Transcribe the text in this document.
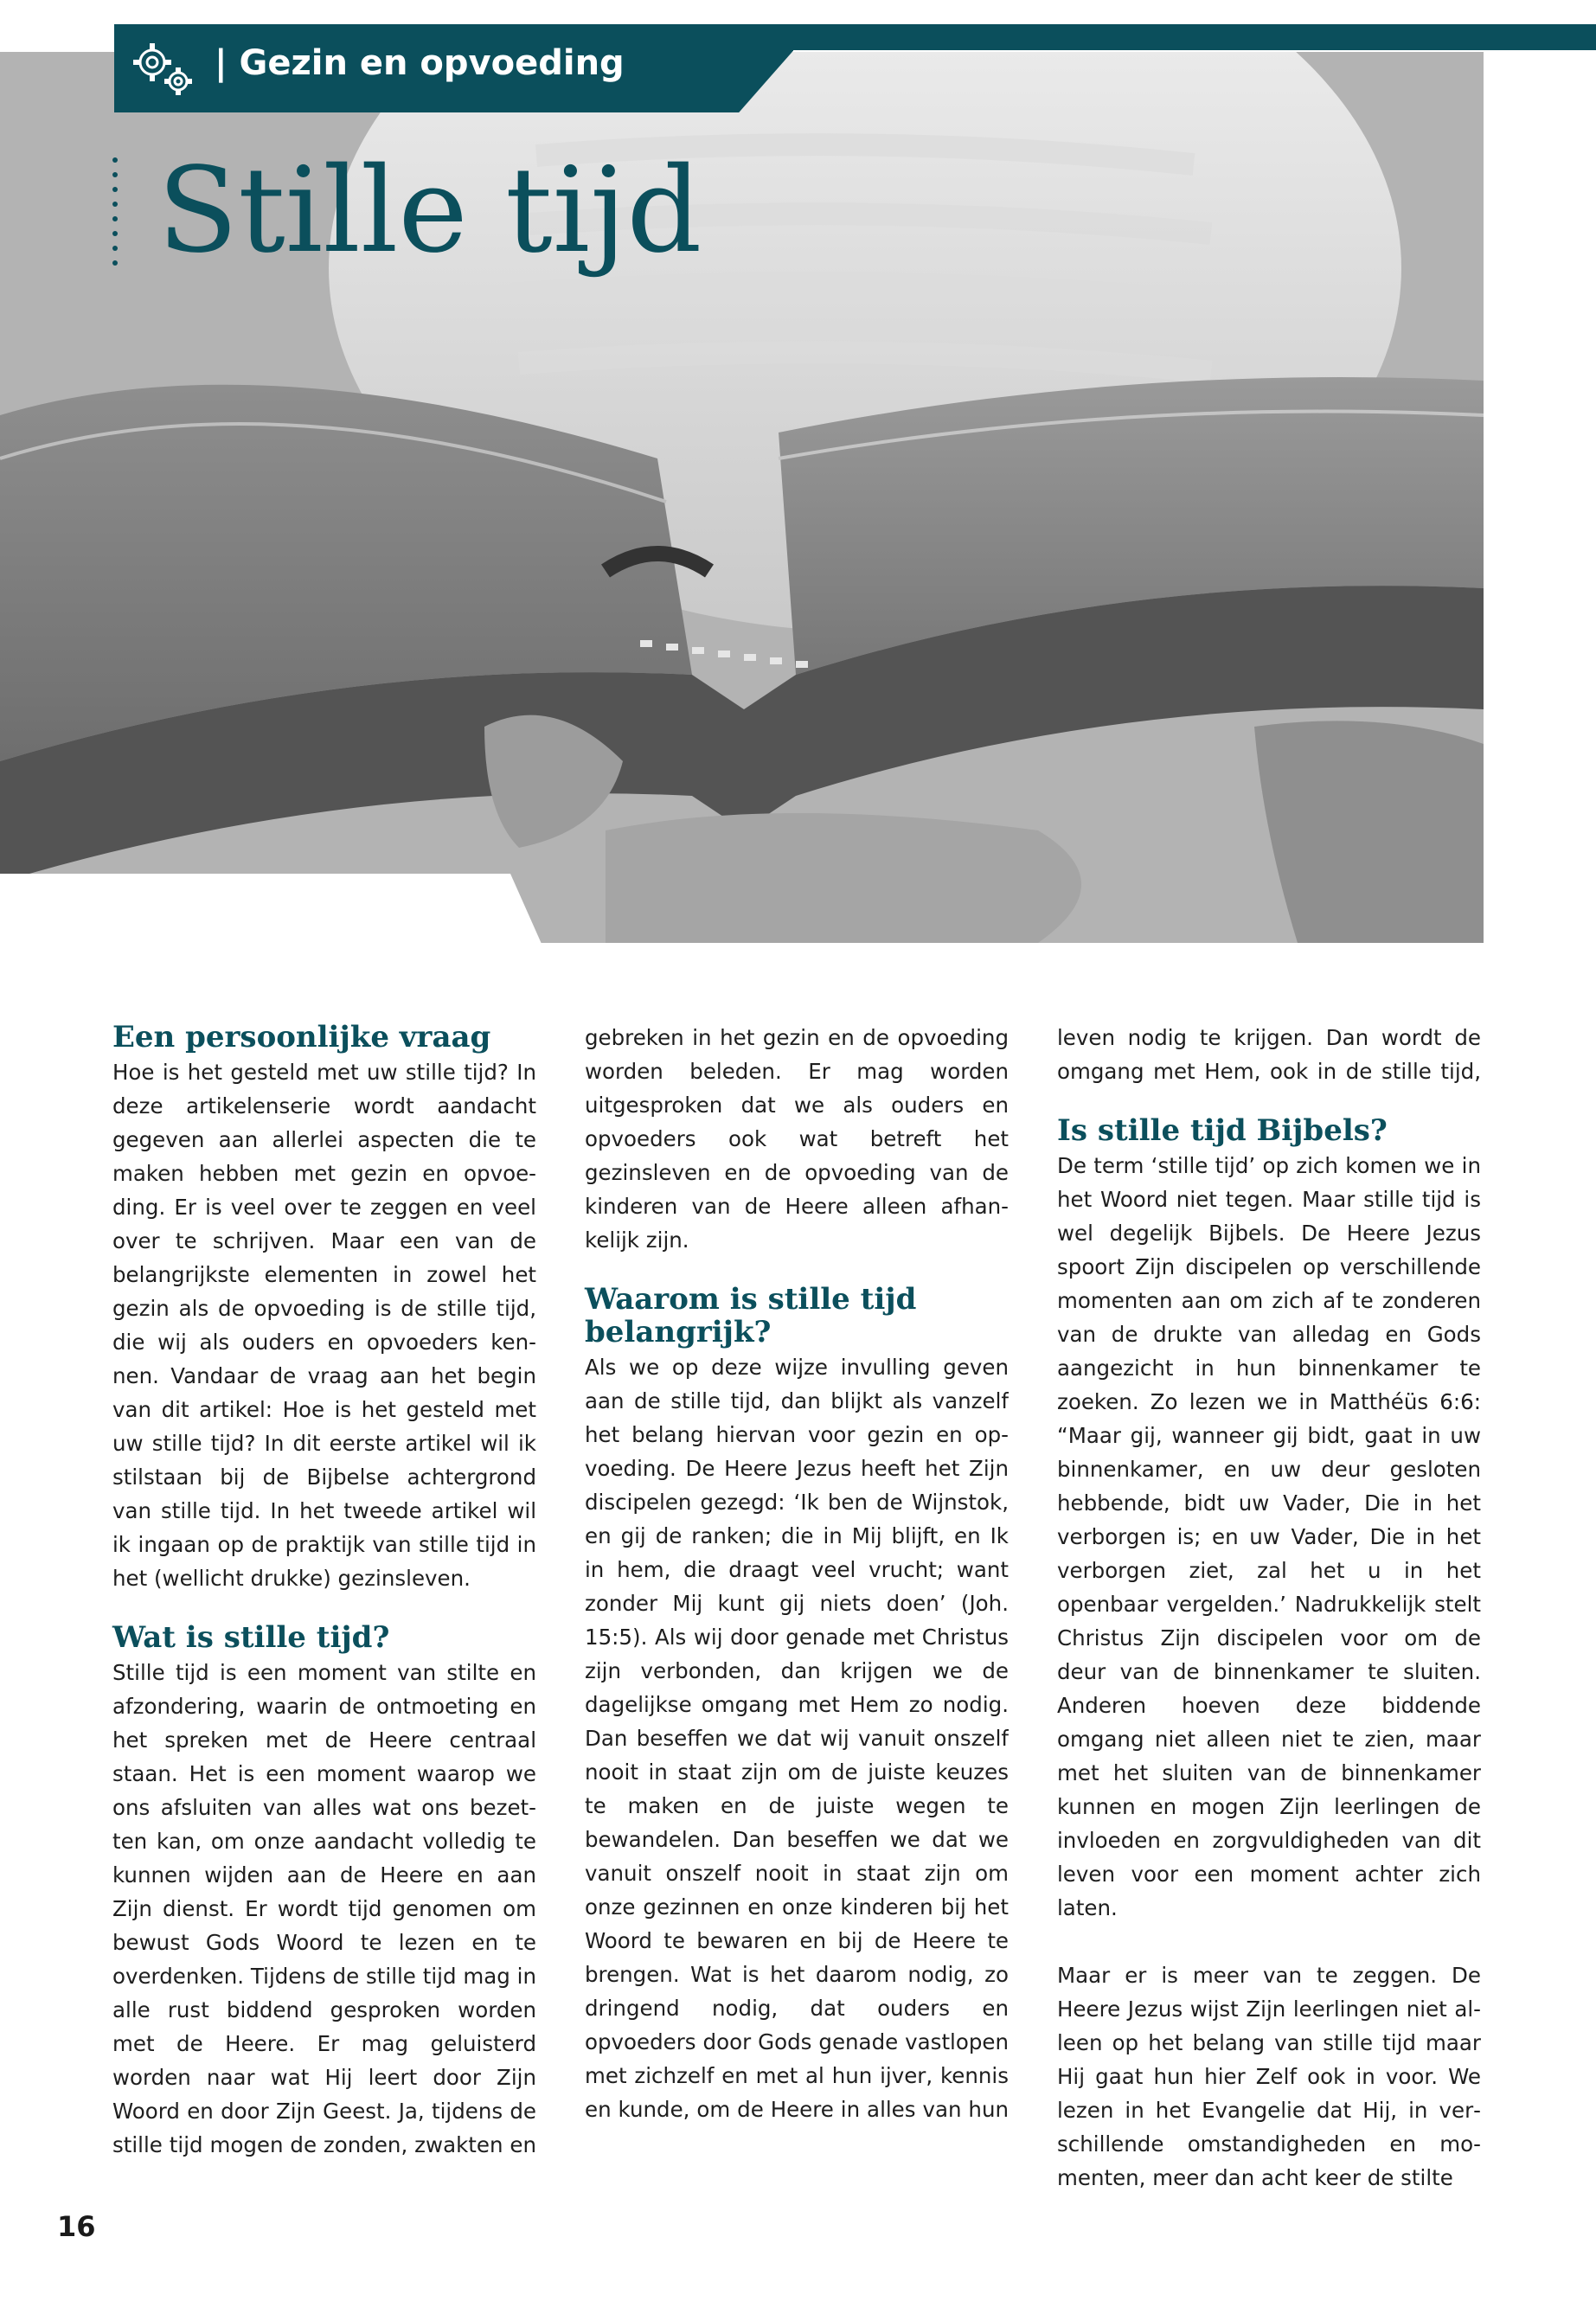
| Gezin en opvoeding
Stille tijd
Een persoonlijke vraag

Hoe is het gesteld met uw stille tijd? In deze artikelenserie wordt aandacht gegeven aan allerlei aspecten die te maken hebben met gezin en opvoeding. Er is veel over te zeggen en veel over te schrijven. Maar een van de belangrijkste elementen in zowel het gezin als de opvoeding is de stille tijd, die wij als ouders en opvoeders kennen. Vandaar de vraag aan het begin van dit artikel: Hoe is het gesteld met uw stille tijd? In dit eerste artikel wil ik stilstaan bij de Bijbelse achtergrond van stille tijd. In het tweede artikel wil ik ingaan op de praktijk van stille tijd in het (wellicht drukke) gezinsleven.

Wat is stille tijd?

Stille tijd is een moment van stilte en afzondering, waarin de ontmoeting en het spreken met de Heere centraal staan. Het is een moment waarop we ons afsluiten van alles wat ons bezetten kan, om onze aandacht volledig te kunnen wijden aan de Heere en aan Zijn dienst. Er wordt tijd genomen om bewust Gods Woord te lezen en te overdenken. Tijdens de stille tijd mag in alle rust biddend gesproken worden met de Heere. Er mag geluisterd worden naar wat Hij leert door Zijn Woord en door Zijn Geest. Ja, tijdens de stille tijd mogen de zonden, zwakten en

gebreken in het gezin en de opvoeding worden beleden. Er mag worden uitgesproken dat we als ouders en opvoeders ook wat betreft het gezinsleven en de opvoeding van de kinderen van de Heere alleen afhankelijk zijn.

Waarom is stille tijd belangrijk?

Als we op deze wijze invulling geven aan de stille tijd, dan blijkt als vanzelf het belang hiervan voor gezin en opvoeding. De Heere Jezus heeft het Zijn discipelen gezegd: ‘Ik ben de Wijnstok, en gij de ranken; die in Mij blijft, en Ik in hem, die draagt veel vrucht; want zonder Mij kunt gij niets doen’ (Joh. 15:5). Als wij door genade met Christus zijn verbonden, dan krijgen we de dagelijkse omgang met Hem zo nodig. Dan beseffen we dat wij vanuit onszelf nooit in staat zijn om de juiste keuzes te maken en de juiste wegen te bewandelen. Dan beseffen we dat we vanuit onszelf nooit in staat zijn om onze gezinnen en onze kinderen bij het Woord te bewaren en bij de Heere te brengen. Wat is het daarom nodig, zo dringend nodig, dat ouders en opvoeders door Gods genade vastlopen met zichzelf en met al hun ijver, kennis en kunde, om de Heere in alles van hun

leven nodig te krijgen. Dan wordt de omgang met Hem, ook in de stille tijd,

Is stille tijd Bijbels?

De term ‘stille tijd’ op zich komen we in het Woord niet tegen. Maar stille tijd is wel degelijk Bijbels. De Heere Jezus spoort Zijn discipelen op verschillende momenten aan om zich af te zonderen van de drukte van alledag en Gods aangezicht in hun binnenkamer te zoeken. Zo lezen we in Matthéüs 6:6: “Maar gij, wanneer gij bidt, gaat in uw binnenkamer, en uw deur gesloten hebbende, bidt uw Vader, Die in het verborgen is; en uw Vader, Die in het verborgen ziet, zal het u in het openbaar vergelden.’ Nadrukkelijk stelt Christus Zijn discipelen voor om de deur van de binnenkamer te sluiten. Anderen hoeven deze biddende omgang niet alleen niet te zien, maar met het sluiten van de binnenkamer kunnen en mogen Zijn leerlingen de invloeden en zorgvuldigheden van dit leven voor een moment achter zich laten.

Maar er is meer van te zeggen. De Heere Jezus wijst Zijn leerlingen niet alleen op het belang van stille tijd maar Hij gaat hun hier Zelf ook in voor. We lezen in het Evangelie dat Hij, in verschillende omstandigheden en momenten, meer dan acht keer de stilte

16
